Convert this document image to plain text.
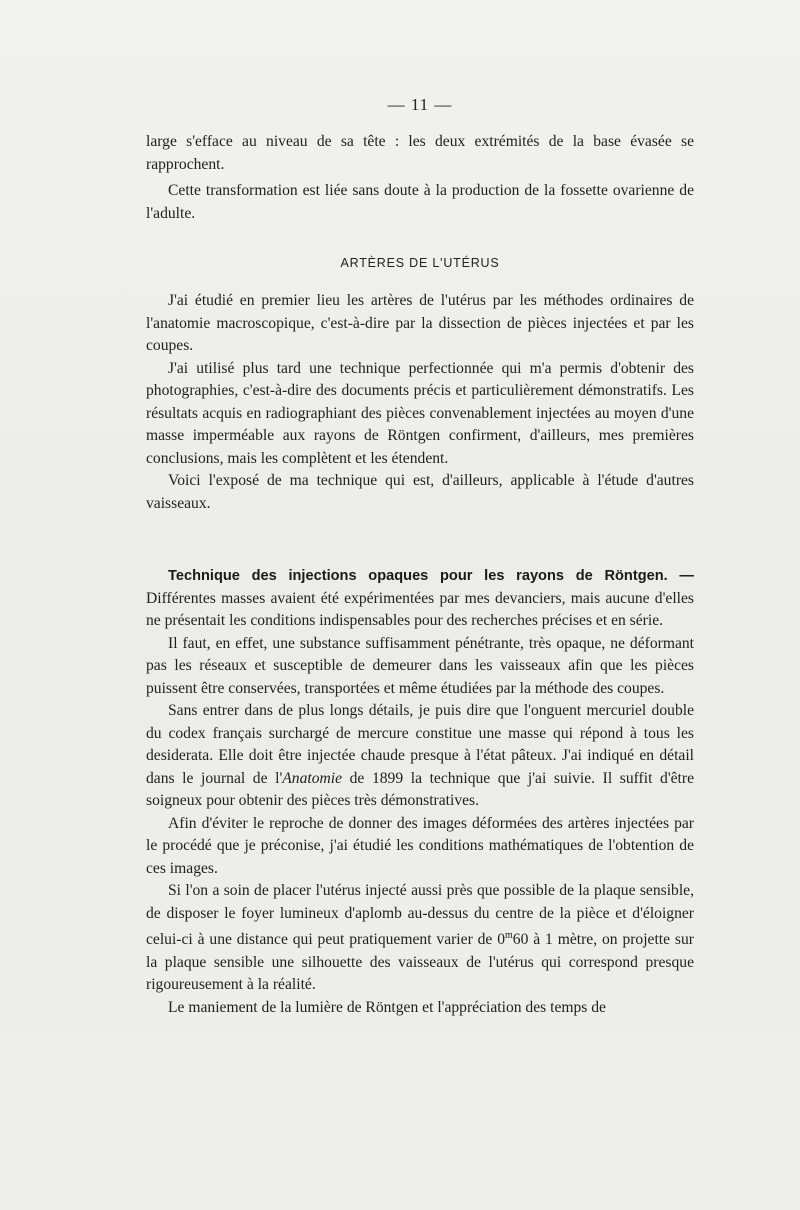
— 11 —

large s'efface au niveau de sa tête : les deux extrémités de la base évasée se rapprochent.

Cette transformation est liée sans doute à la production de la fossette ovarienne de l'adulte.

ARTÈRES DE L'UTÉRUS

J'ai étudié en premier lieu les artères de l'utérus par les méthodes ordinaires de l'anatomie macroscopique, c'est-à-dire par la dissection de pièces injectées et par les coupes.

J'ai utilisé plus tard une technique perfectionnée qui m'a permis d'obtenir des photographies, c'est-à-dire des documents précis et particulièrement démonstratifs. Les résultats acquis en radiographiant des pièces convenablement injectées au moyen d'une masse imperméable aux rayons de Röntgen confirment, d'ailleurs, mes premières conclusions, mais les complètent et les étendent.

Voici l'exposé de ma technique qui est, d'ailleurs, applicable à l'étude d'autres vaisseaux.

Technique des injections opaques pour les rayons de Röntgen. — Différentes masses avaient été expérimentées par mes devanciers, mais aucune d'elles ne présentait les conditions indispensables pour des recherches précises et en série.

Il faut, en effet, une substance suffisamment pénétrante, très opaque, ne déformant pas les réseaux et susceptible de demeurer dans les vaisseaux afin que les pièces puissent être conservées, transportées et même étudiées par la méthode des coupes.

Sans entrer dans de plus longs détails, je puis dire que l'onguent mercuriel double du codex français surchargé de mercure constitue une masse qui répond à tous les desiderata. Elle doit être injectée chaude presque à l'état pâteux. J'ai indiqué en détail dans le journal de l'Anatomie de 1899 la technique que j'ai suivie. Il suffit d'être soigneux pour obtenir des pièces très démonstratives.

Afin d'éviter le reproche de donner des images déformées des artères injectées par le procédé que je préconise, j'ai étudié les conditions mathématiques de l'obtention de ces images.

Si l'on a soin de placer l'utérus injecté aussi près que possible de la plaque sensible, de disposer le foyer lumineux d'aplomb au-dessus du centre de la pièce et d'éloigner celui-ci à une distance qui peut pratiquement varier de 0$^m$60 à 1 mètre, on projette sur la plaque sensible une silhouette des vaisseaux de l'utérus qui correspond presque rigoureusement à la réalité.

Le maniement de la lumière de Röntgen et l'appréciation des temps de
